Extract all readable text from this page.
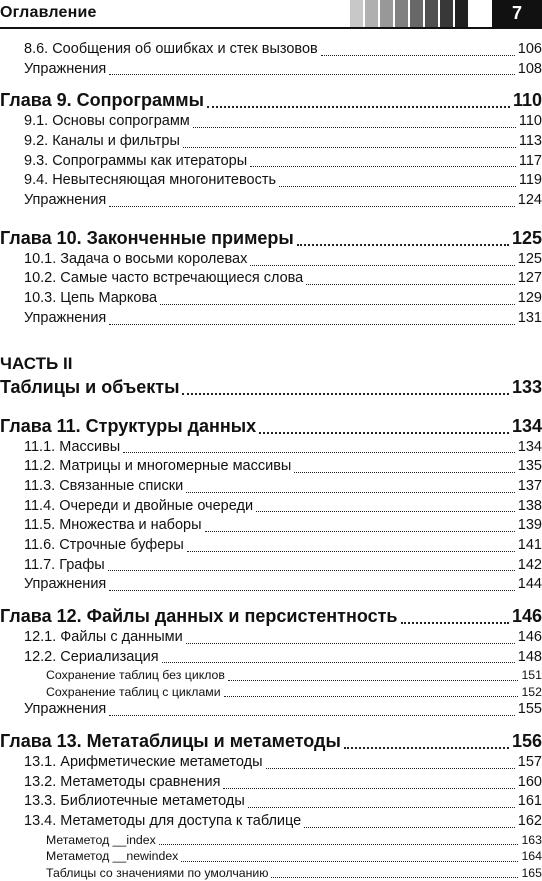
Оглавление	7
8.6. Сообщения об ошибках и стек вызовов	106
Упражнения	108
Глава 9. Сопрограммы	110
9.1. Основы сопрограмм	110
9.2. Каналы и фильтры	113
9.3. Сопрограммы как итераторы	117
9.4. Невытесняющая многонитевость	119
Упражнения	124
Глава 10. Законченные примеры	125
10.1. Задача о восьми королевах	125
10.2. Самые часто встречающиеся слова	127
10.3. Цепь Маркова	129
Упражнения	131
ЧАСТЬ II
Таблицы и объекты	133
Глава 11. Структуры данных	134
11.1. Массивы	134
11.2. Матрицы и многомерные массивы	135
11.3. Связанные списки	137
11.4. Очереди и двойные очереди	138
11.5. Множества и наборы	139
11.6. Строчные буферы	141
11.7. Графы	142
Упражнения	144
Глава 12. Файлы данных и персистентность	146
12.1. Файлы с данными	146
12.2. Сериализация	148
Сохранение таблиц без циклов	151
Сохранение таблиц с циклами	152
Упражнения	155
Глава 13. Метатаблицы и метаметоды	156
13.1. Арифметические метаметоды	157
13.2. Метаметоды сравнения	160
13.3. Библиотечные метаметоды	161
13.4. Метаметоды для доступа к таблице	162
Метаметод __index	163
Метаметод __newindex	164
Таблицы со значениями по умолчанию	165
